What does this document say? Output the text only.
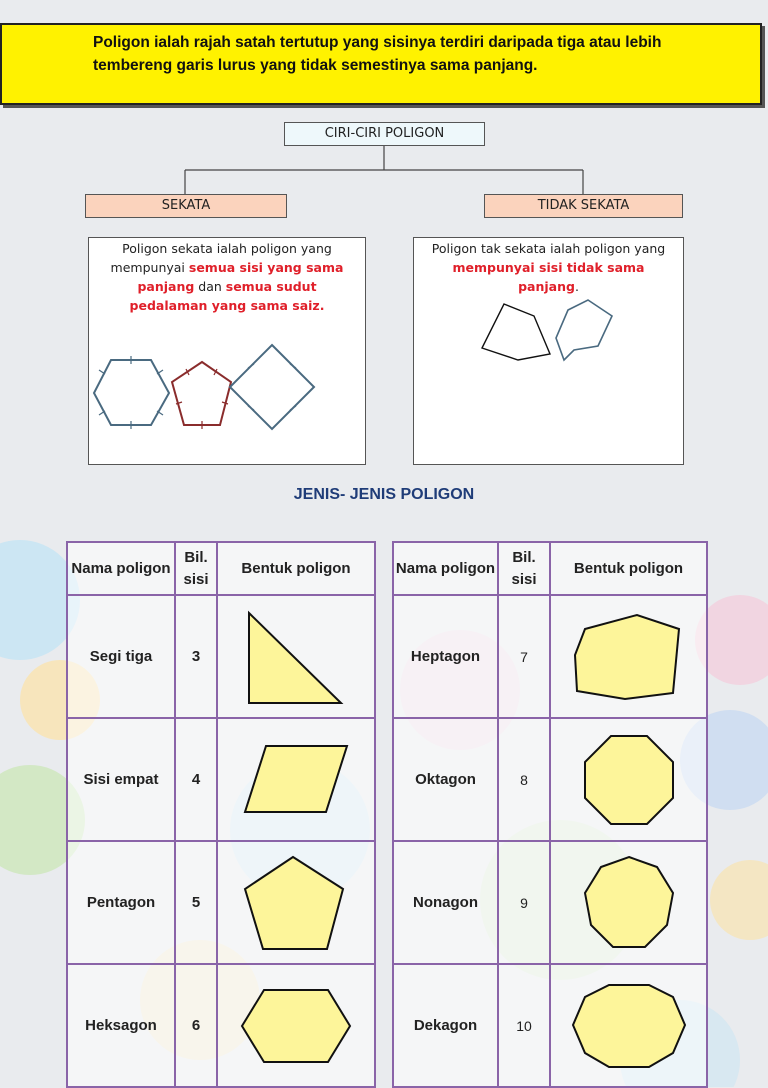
Poligon ialah rajah satah tertutup yang sisinya terdiri daripada tiga atau lebih tembereng garis lurus yang tidak semestinya sama panjang.
CIRI-CIRI POLIGON
SEKATA	TIDAK SEKATA
Poligon sekata ialah poligon yang mempunyai semua sisi yang sama panjang dan semua sudut pedalaman yang sama saiz.
Poligon tak sekata ialah poligon yang mempunyai sisi tidak sama panjang.
JENIS- JENIS POLIGON
Nama poligon	Bil. sisi	Bentuk poligon
Segi tiga	3	

Sisi empat	4	

Pentagon	5	

Heksagon	6	
Nama poligon	Bil. sisi	Bentuk poligon
Heptagon	7	

Oktagon	8	

Nonagon	9	

Dekagon	10	
